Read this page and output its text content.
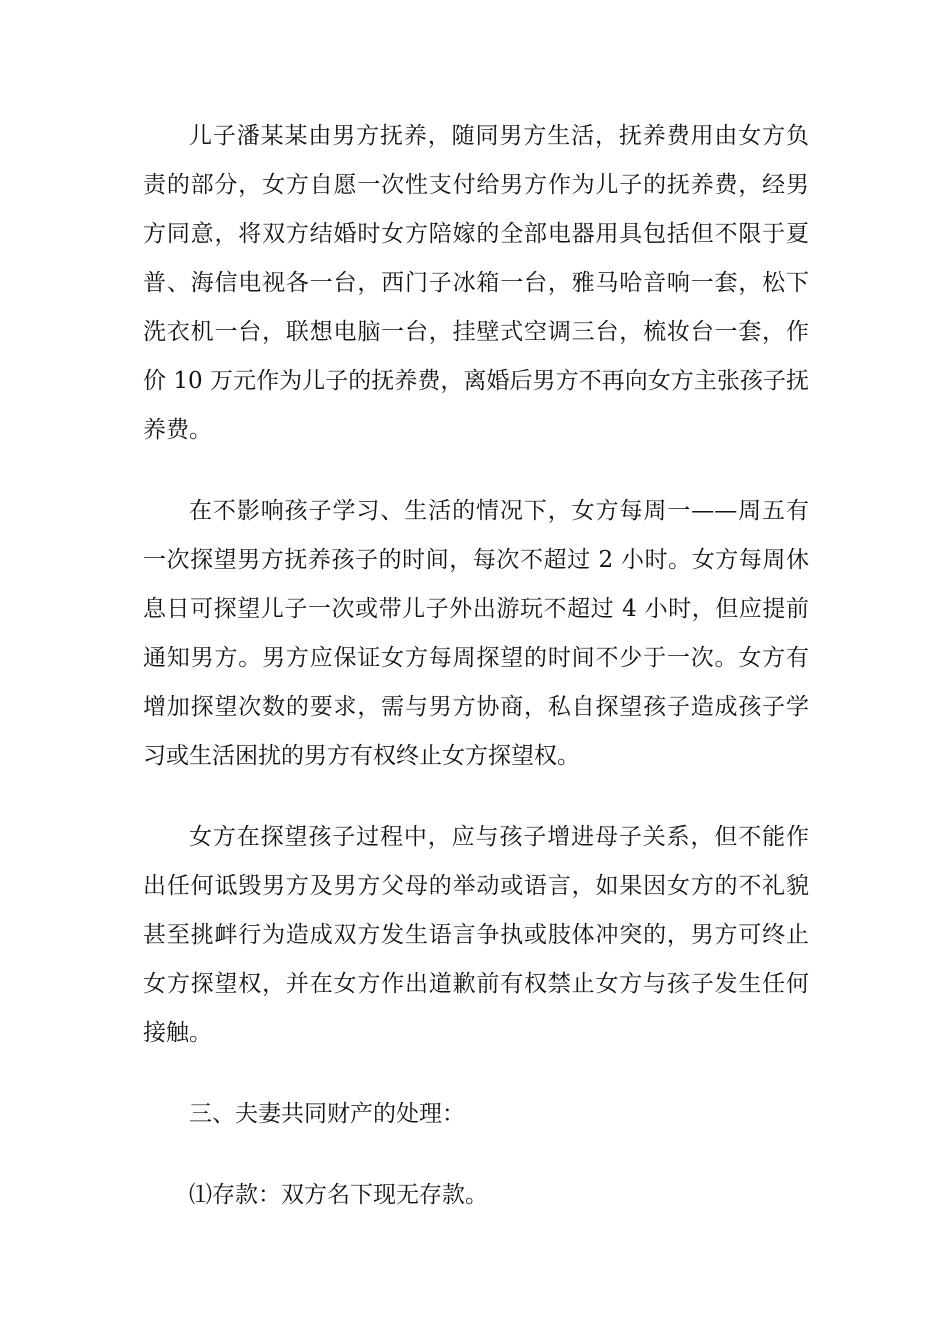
儿子潘某某由男方抚养，随同男方生活，抚养费用由女方负责的部分，女方自愿一次性支付给男方作为儿子的抚养费，经男方同意，将双方结婚时女方陪嫁的全部电器用具包括但不限于夏普、海信电视各一台，西门子冰箱一台，雅马哈音响一套，松下洗衣机一台，联想电脑一台，挂壁式空调三台，梳妆台一套，作价 10 万元作为儿子的抚养费，离婚后男方不再向女方主张孩子抚养费。

在不影响孩子学习、生活的情况下，女方每周一——周五有一次探望男方抚养孩子的时间，每次不超过 2 小时。女方每周休息日可探望儿子一次或带儿子外出游玩不超过 4 小时，但应提前通知男方。男方应保证女方每周探望的时间不少于一次。女方有增加探望次数的要求，需与男方协商，私自探望孩子造成孩子学习或生活困扰的男方有权终止女方探望权。

女方在探望孩子过程中，应与孩子增进母子关系，但不能作出任何诋毁男方及男方父母的举动或语言，如果因女方的不礼貌甚至挑衅行为造成双方发生语言争执或肢体冲突的，男方可终止女方探望权，并在女方作出道歉前有权禁止女方与孩子发生任何接触。

三、夫妻共同财产的处理：

⑴存款：双方名下现无存款。
